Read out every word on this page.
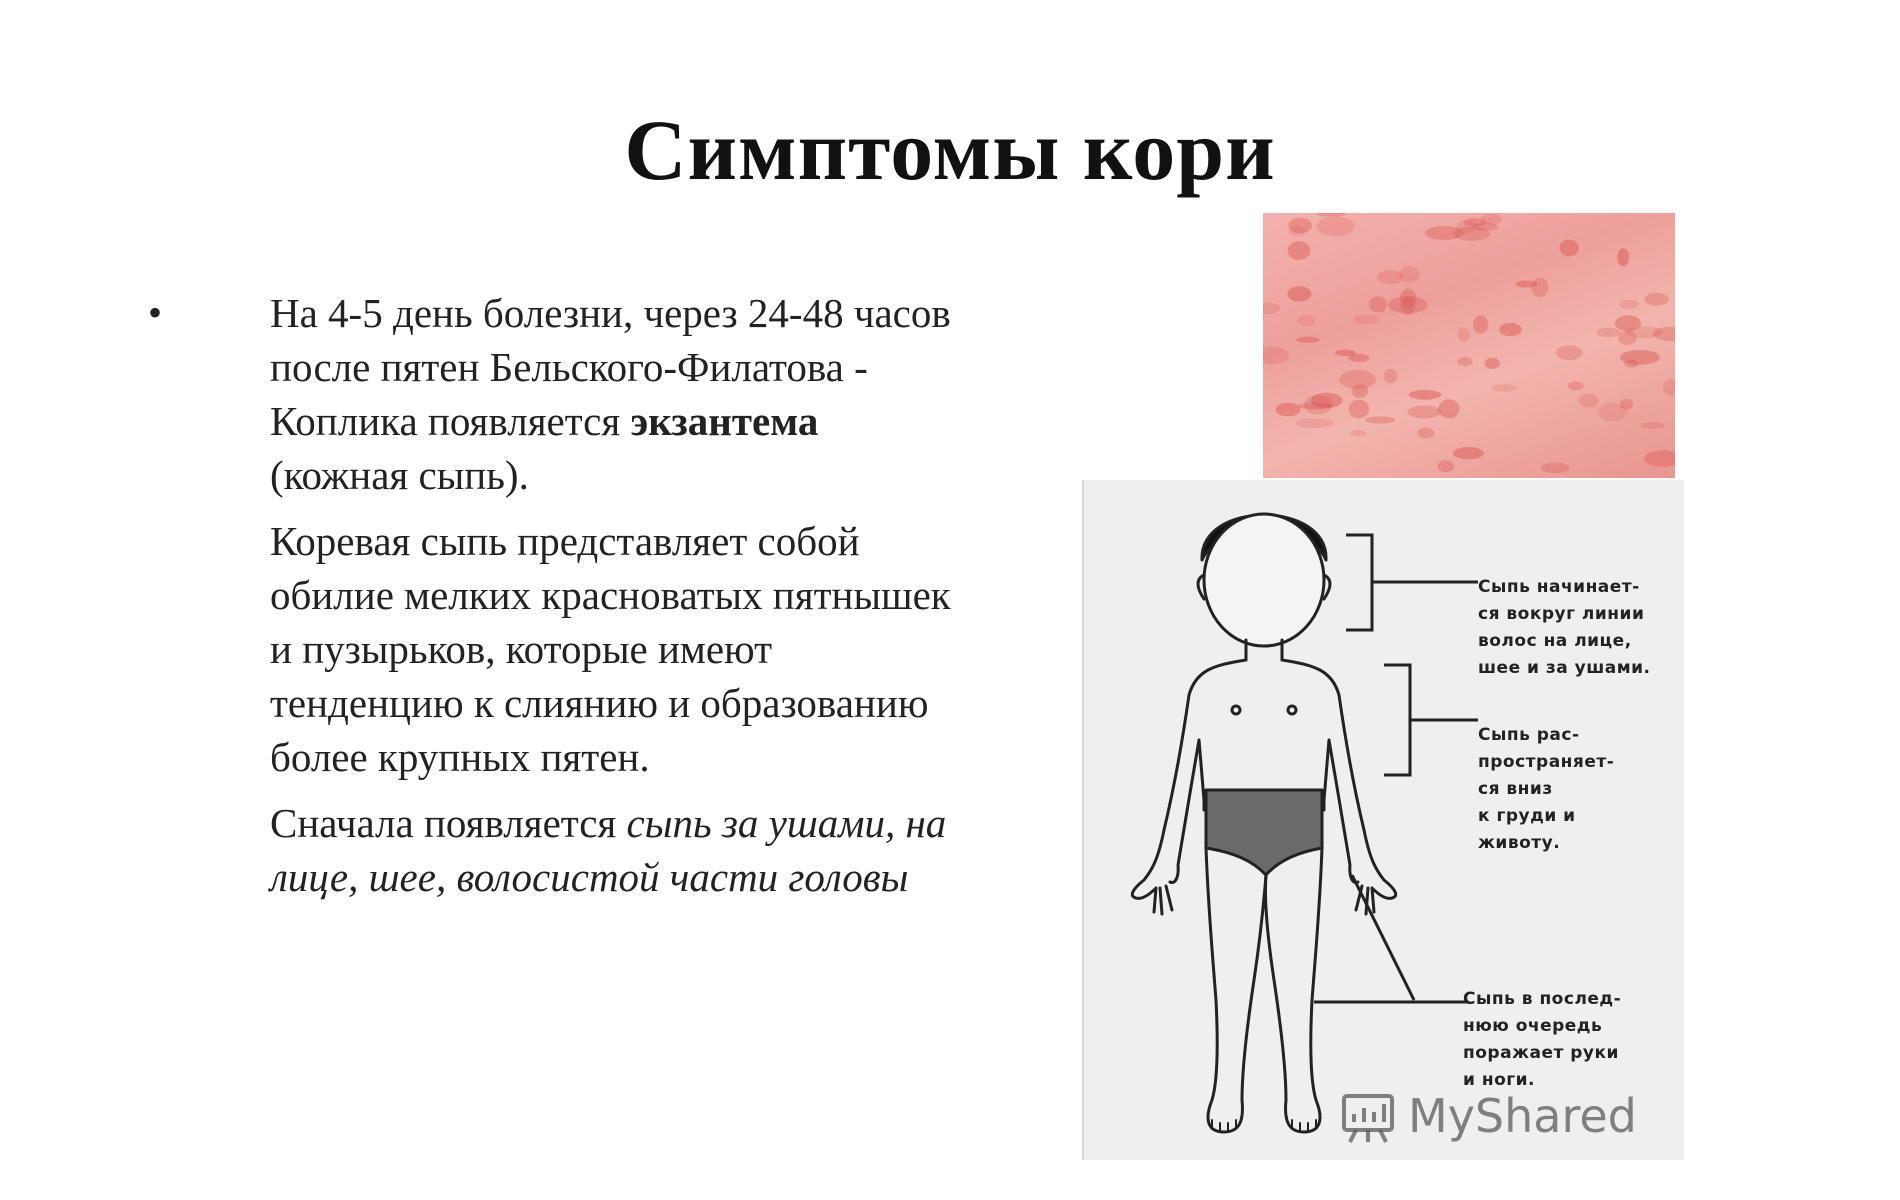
Симптомы кори
•	На 4-5 день болезни, через 24-48 часов после пятен Бельского-Филатова - Коплика появляется экзантема (кожная сыпь).

Коревая сыпь представляет собой обилие мелких красноватых пятнышек и пузырьков, которые имеют тенденцию к слиянию и образованию более крупных пятен.

Сначала появляется сыпь за ушами, на лице, шее, волосистой части головы

Сыпь начинает-
ся вокруг линии
волос на лице,
шее и за ушами.
Сыпь рас-
пространяет-
ся вниз
к груди и
животу.
Сыпь в послед-
нюю очередь
поражает руки
и ноги.
MyShared
